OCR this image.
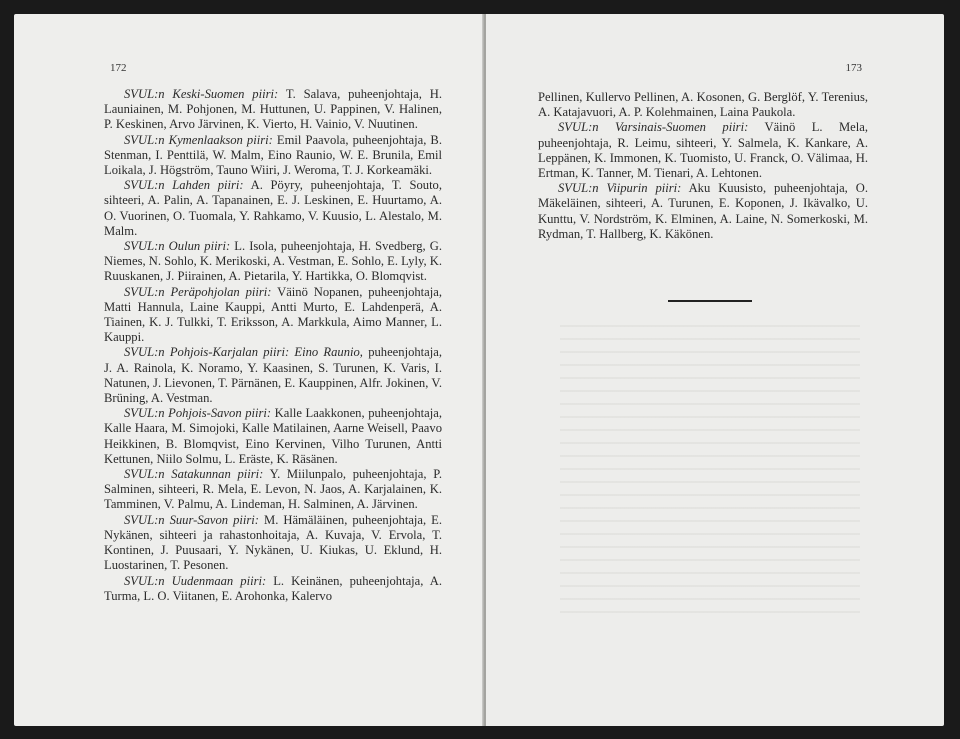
172

SVUL:n Keski-Suomen piiri: T. Salava, puheenjohtaja, H. Launiainen, M. Pohjonen, M. Huttunen, U. Pappinen, V. Halinen, P. Keskinen, Arvo Järvinen, K. Vierto, H. Vainio, V. Nuutinen.

SVUL:n Kymenlaakson piiri: Emil Paavola, puheenjohtaja, B. Stenman, I. Penttilä, W. Malm, Eino Raunio, W. E. Brunila, Emil Loikala, J. Högström, Tauno Wiiri, J. Weroma, T. J. Korkeamäki.

SVUL:n Lahden piiri: A. Pöyry, puheenjohtaja, T. Souto, sihteeri, A. Palin, A. Tapanainen, E. J. Leskinen, E. Huurtamo, A. O. Vuorinen, O. Tuomala, Y. Rahkamo, V. Kuusio, L. Alestalo, M. Malm.

SVUL:n Oulun piiri: L. Isola, puheenjohtaja, H. Svedberg, G. Niemes, N. Sohlo, K. Merikoski, A. Vestman, E. Sohlo, E. Lyly, K. Ruuskanen, J. Piirainen, A. Pietarila, Y. Hartikka, O. Blomqvist.

SVUL:n Peräpohjolan piiri: Väinö Nopanen, puheenjohtaja, Matti Hannula, Laine Kauppi, Antti Murto, E. Lahdenperä, A. Tiainen, K. J. Tulkki, T. Eriksson, A. Markkula, Aimo Manner, L. Kauppi.

SVUL:n Pohjois-Karjalan piiri: Eino Raunio, puheenjohtaja, J. A. Rainola, K. Noramo, Y. Kaasinen, S. Turunen, K. Varis, I. Natunen, J. Lievonen, T. Pärnänen, E. Kauppinen, Alfr. Jokinen, V. Brüning, A. Vestman.

SVUL:n Pohjois-Savon piiri: Kalle Laakkonen, puheenjohtaja, Kalle Haara, M. Simojoki, Kalle Matilainen, Aarne Weisell, Paavo Heikkinen, B. Blomqvist, Eino Kervinen, Vilho Turunen, Antti Kettunen, Niilo Solmu, L. Eräste, K. Räsänen.

SVUL:n Satakunnan piiri: Y. Miilunpalo, puheenjohtaja, P. Salminen, sihteeri, R. Mela, E. Levon, N. Jaos, A. Karjalainen, K. Tamminen, V. Palmu, A. Lindeman, H. Salminen, A. Järvinen.

SVUL:n Suur-Savon piiri: M. Hämäläinen, puheenjohtaja, E. Nykänen, sihteeri ja rahastonhoitaja, A. Kuvaja, V. Ervola, T. Kontinen, J. Puusaari, Y. Nykänen, U. Kiukas, U. Eklund, H. Luostarinen, T. Pesonen.

SVUL:n Uudenmaan piiri: L. Keinänen, puheenjohtaja, A. Turma, L. O. Viitanen, E. Arohonka, Kalervo

173

Pellinen, Kullervo Pellinen, A. Kosonen, G. Berglöf, Y. Terenius, A. Katajavuori, A. P. Kolehmainen, Laina Paukola.

SVUL:n Varsinais-Suomen piiri: Väinö L. Mela, puheenjohtaja, R. Leimu, sihteeri, Y. Salmela, K. Kankare, A. Leppänen, K. Immonen, K. Tuomisto, U. Franck, O. Välimaa, H. Ertman, K. Tanner, M. Tienari, A. Lehtonen.

SVUL:n Viipurin piiri: Aku Kuusisto, puheenjohtaja, O. Mäkeläinen, sihteeri, A. Turunen, E. Koponen, J. Ikävalko, U. Kunttu, V. Nordström, K. Elminen, A. Laine, N. Somerkoski, M. Rydman, T. Hallberg, K. Käkönen.
